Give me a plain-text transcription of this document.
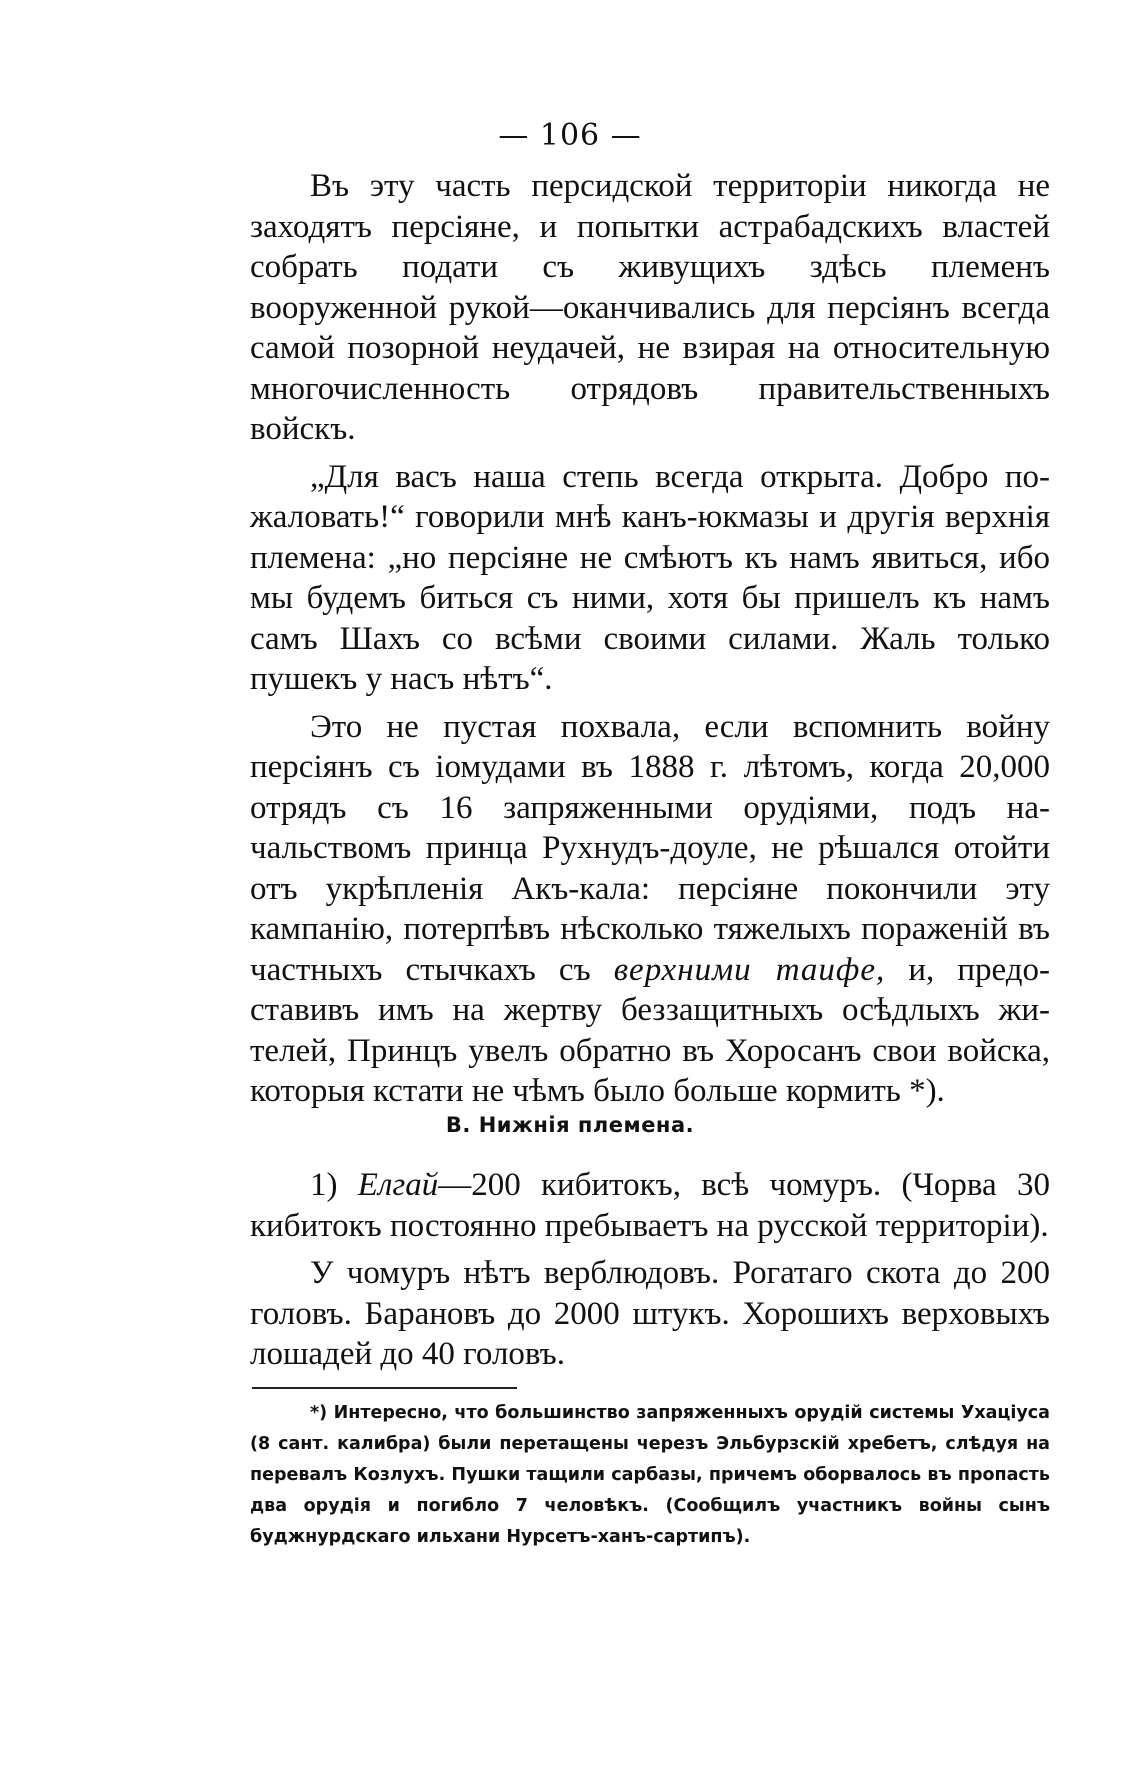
— 106 —

Въ эту часть персидской территоріи никогда не заходятъ персіяне, и попытки астрабадскихъ властей собрать подати съ живущихъ здѣсь племенъ вооруженной рукой—оканчивались для персіянъ всегда самой позорной неудачей, не взирая на относительную многочисленность отрядовъ правительственныхъ войскъ.

„Для васъ наша степь всегда открыта. Добро пожаловать!“ говорили мнѣ канъ-юкмазы и другія верхнія племена: „но персіяне не смѣютъ къ намъ явиться, ибо мы будемъ биться съ ними, хотя бы пришелъ къ намъ самъ Шахъ со всѣми своими силами. Жаль только пушекъ у насъ нѣтъ“.

Это не пустая похвала, если вспомнить войну персіянъ съ іомудами въ 1888 г. лѣтомъ, когда 20,000 отрядъ съ 16 запряженными орудіями, подъ начальствомъ принца Рухнудъ-доуле, не рѣшался отойти отъ укрѣпленія Акъ-кала: персіяне покончили эту кампанію, потерпѣвъ нѣсколько тяжелыхъ пораженій въ частныхъ стычкахъ съ верхними таифе, и, предоставивъ имъ на жертву беззащитныхъ осѣдлыхъ жителей, Принцъ увелъ обратно въ Хоросанъ свои войска, которыя кстати не чѣмъ было больше кормить *).

В. Нижнія племена.

1) Елгай—200 кибитокъ, всѣ чомуръ. (Чорва 30 кибитокъ постоянно пребываетъ на русской территоріи).

У чомуръ нѣтъ верблюдовъ. Рогатаго скота до 200 головъ. Барановъ до 2000 штукъ. Хорошихъ верховыхъ лошадей до 40 головъ.

*) Интересно, что большинство запряженныхъ орудій системы Ухаціуса (8 сант. калибра) были перетащены черезъ Эльбурзскій хребетъ, слѣдуя на перевалъ Козлухъ. Пушки тащили сарбазы, причемъ оборвалось въ пропасть два орудія и погибло 7 человѣкъ. (Сообщилъ участникъ войны сынъ буджнурдскаго ильхани Нурсетъ-ханъ-сартипъ).
